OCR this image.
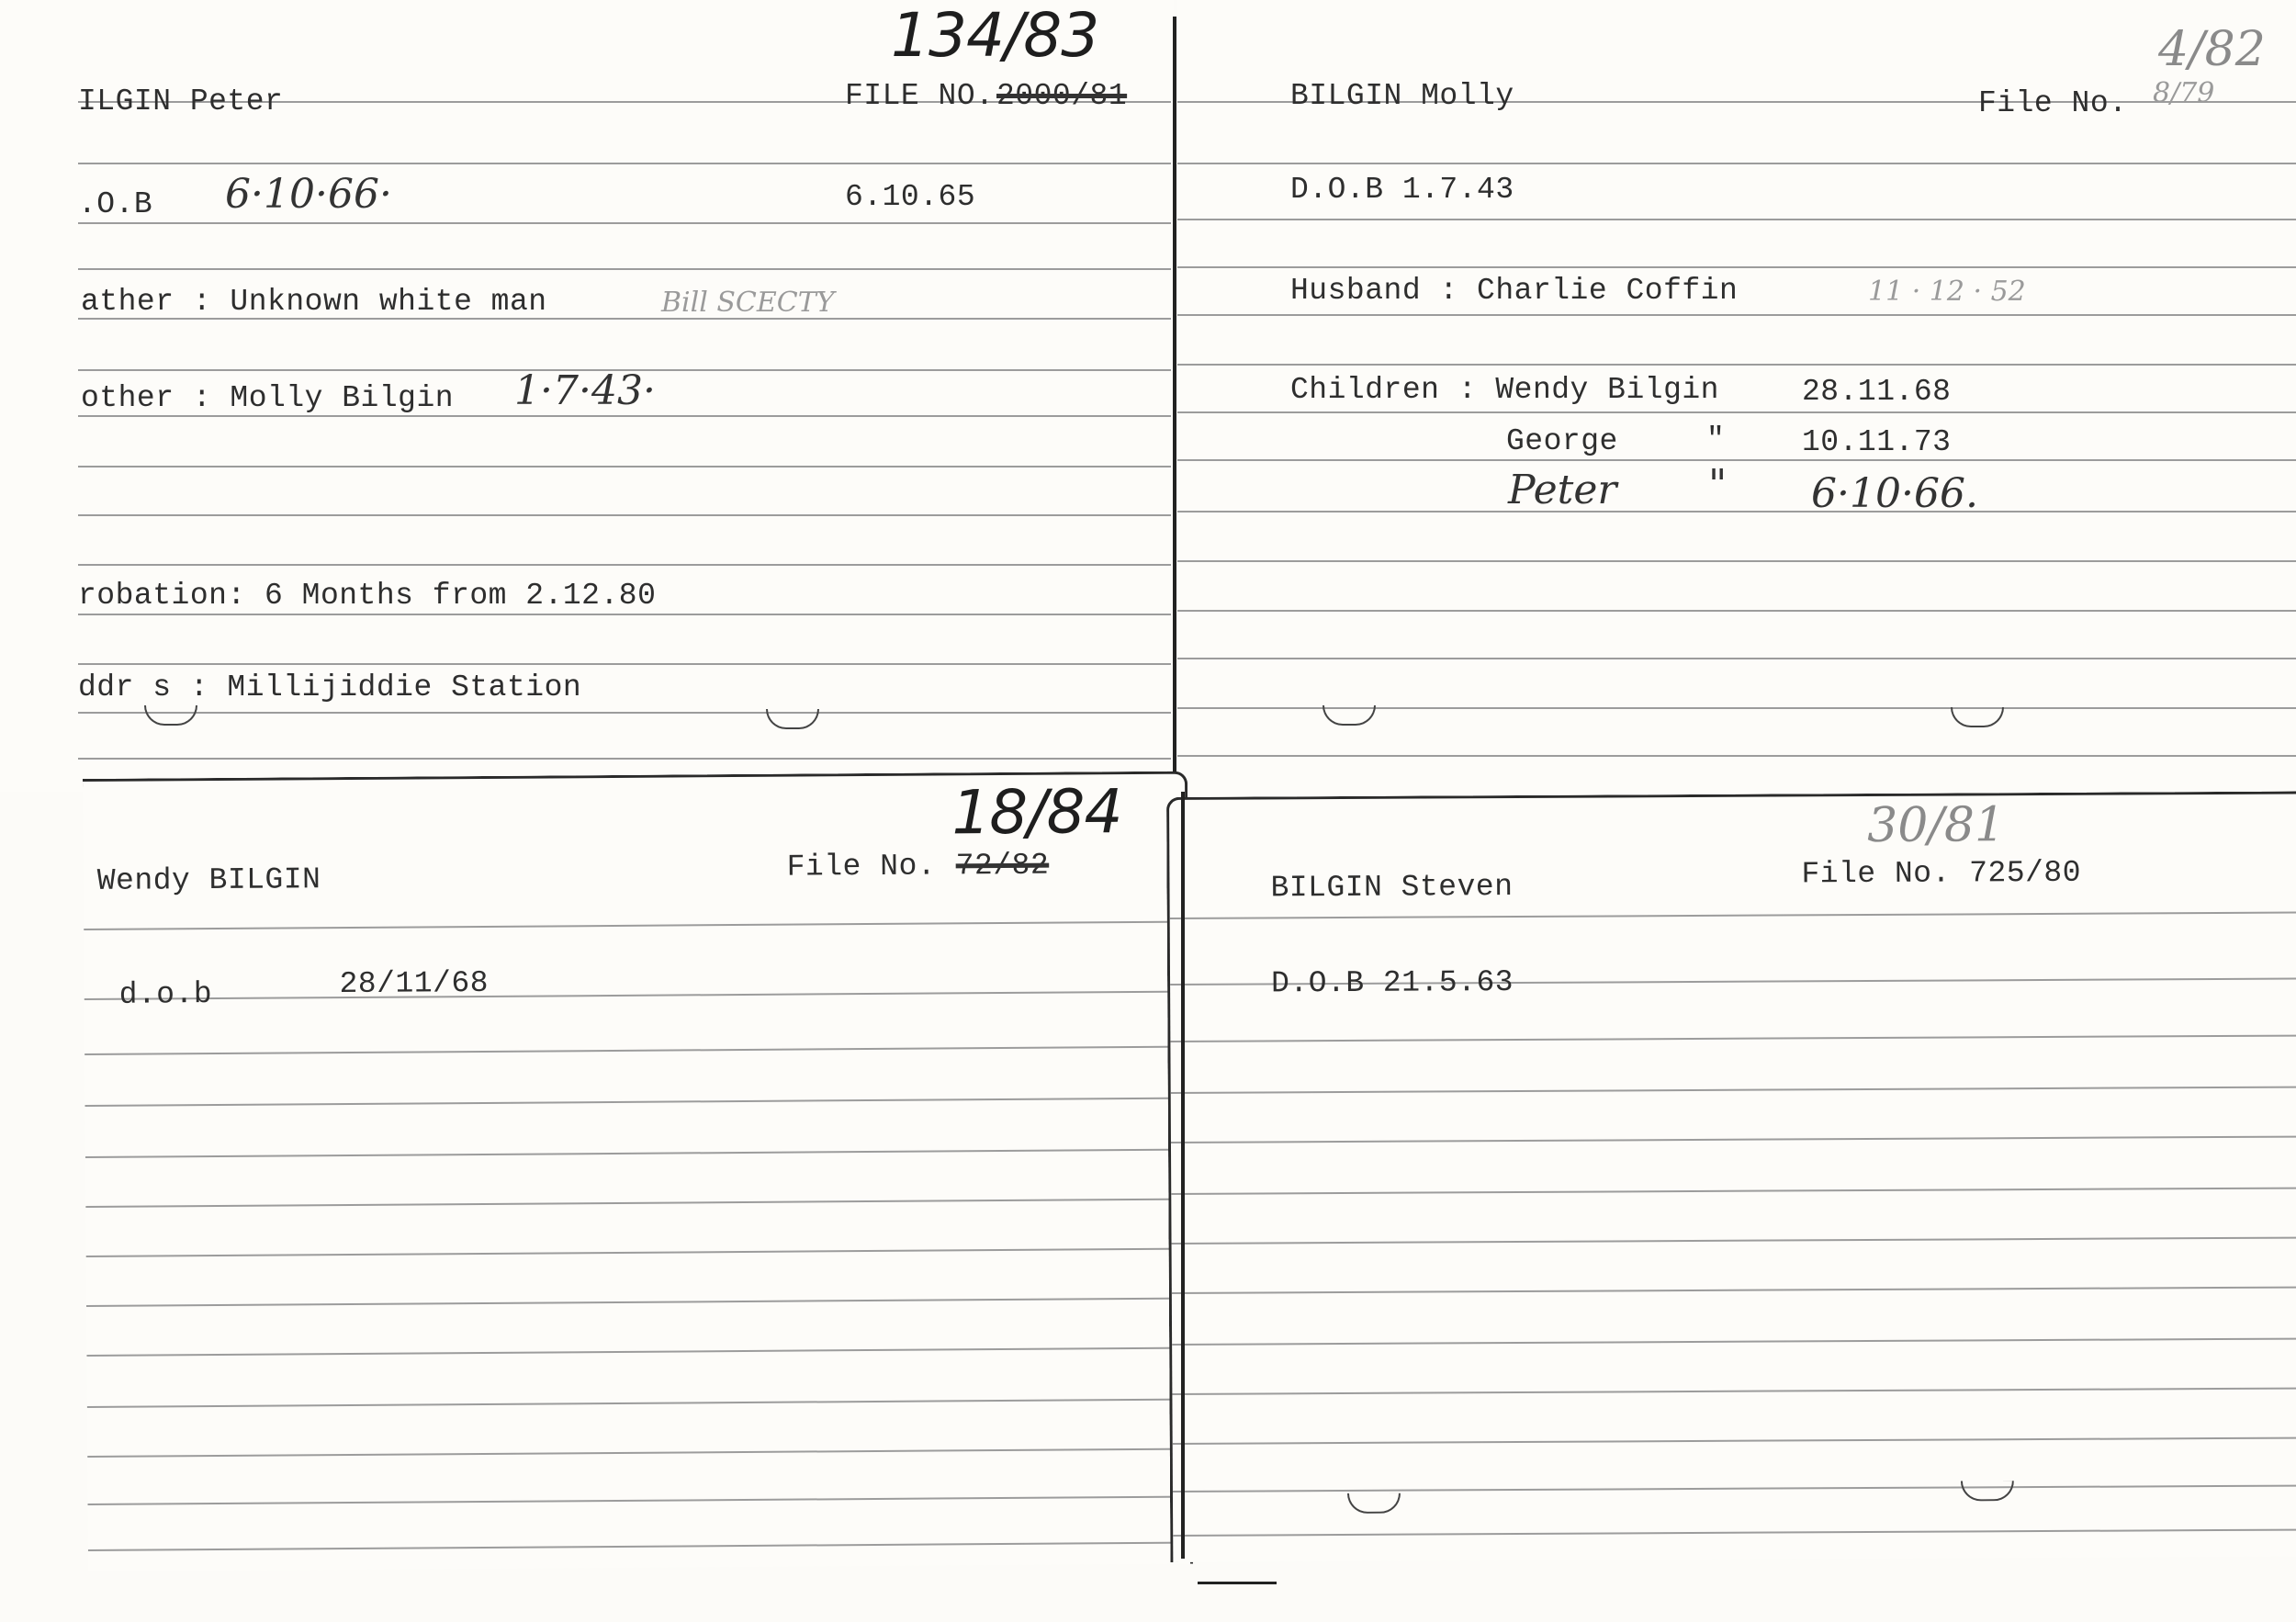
ILGIN Peter	FILE NO. 2000/81
134/83
.O.B 6·10·66·	6.10.65
ather : Unknown white man	Bill SCECTY
other : Molly Bilgin 1·7·43·
robation: 6 Months from 2.12.80
ddr s : Millijiddie Station
BILGIN Molly	File No. 8/79
4/82
D.O.B 1.7.43
Husband : Charlie Coffin	11 · 12 · 52
Children : Wendy Bilgin	28.11.68
George	"	10.11.73
Peter " 6·10·66.
Wendy BILGIN	File No. 72/82
18/84
d.o.b	28/11/68
BILGIN Steven	File No. 725/80
30/81
D.O.B 21.5.63
